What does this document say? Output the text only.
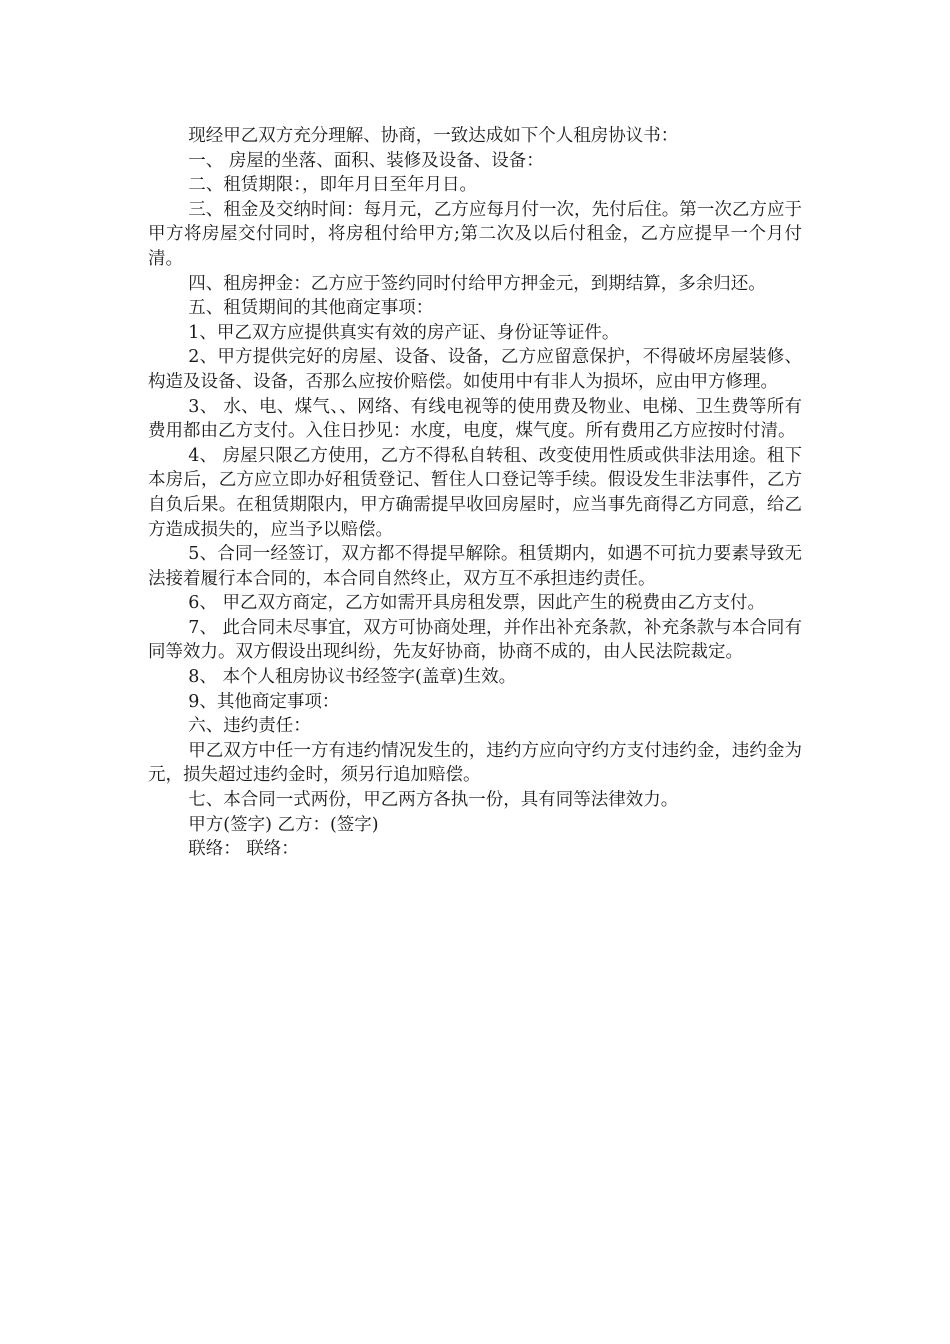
现经甲乙双方充分理解、协商，一致达成如下个人租房协议书：

一、 房屋的坐落、面积、装修及设备、设备：

二、租赁期限：，即年月日至年月日。

三、租金及交纳时间：每月元，乙方应每月付一次，先付后住。第一次乙方应于甲方将房屋交付同时，将房租付给甲方;第二次及以后付租金，乙方应提早一个月付清。

四、租房押金：乙方应于签约同时付给甲方押金元，到期结算，多余归还。

五、租赁期间的其他商定事项：

1、甲乙双方应提供真实有效的房产证、身份证等证件。

2、甲方提供完好的房屋、设备、设备，乙方应留意保护，不得破坏房屋装修、构造及设备、设备，否那么应按价赔偿。如使用中有非人为损坏，应由甲方修理。

3、 水、电、煤气、、网络、有线电视等的使用费及物业、电梯、卫生费等所有费用都由乙方支付。入住日抄见：水度，电度，煤气度。所有费用乙方应按时付清。

4、 房屋只限乙方使用，乙方不得私自转租、改变使用性质或供非法用途。租下本房后，乙方应立即办好租赁登记、暂住人口登记等手续。假设发生非法事件，乙方自负后果。在租赁期限内，甲方确需提早收回房屋时，应当事先商得乙方同意，给乙方造成损失的，应当予以赔偿。

5、合同一经签订，双方都不得提早解除。租赁期内，如遇不可抗力要素导致无法接着履行本合同的，本合同自然终止，双方互不承担违约责任。

6、 甲乙双方商定，乙方如需开具房租发票，因此产生的税费由乙方支付。

7、 此合同未尽事宜，双方可协商处理，并作出补充条款，补充条款与本合同有同等效力。双方假设出现纠纷，先友好协商，协商不成的，由人民法院裁定。

8、 本个人租房协议书经签字(盖章)生效。

9、其他商定事项：

六、违约责任：

甲乙双方中任一方有违约情况发生的，违约方应向守约方支付违约金，违约金为元，损失超过违约金时，须另行追加赔偿。

七、本合同一式两份，甲乙两方各执一份，具有同等法律效力。

甲方(签字) 乙方：(签字)

联络： 联络：
